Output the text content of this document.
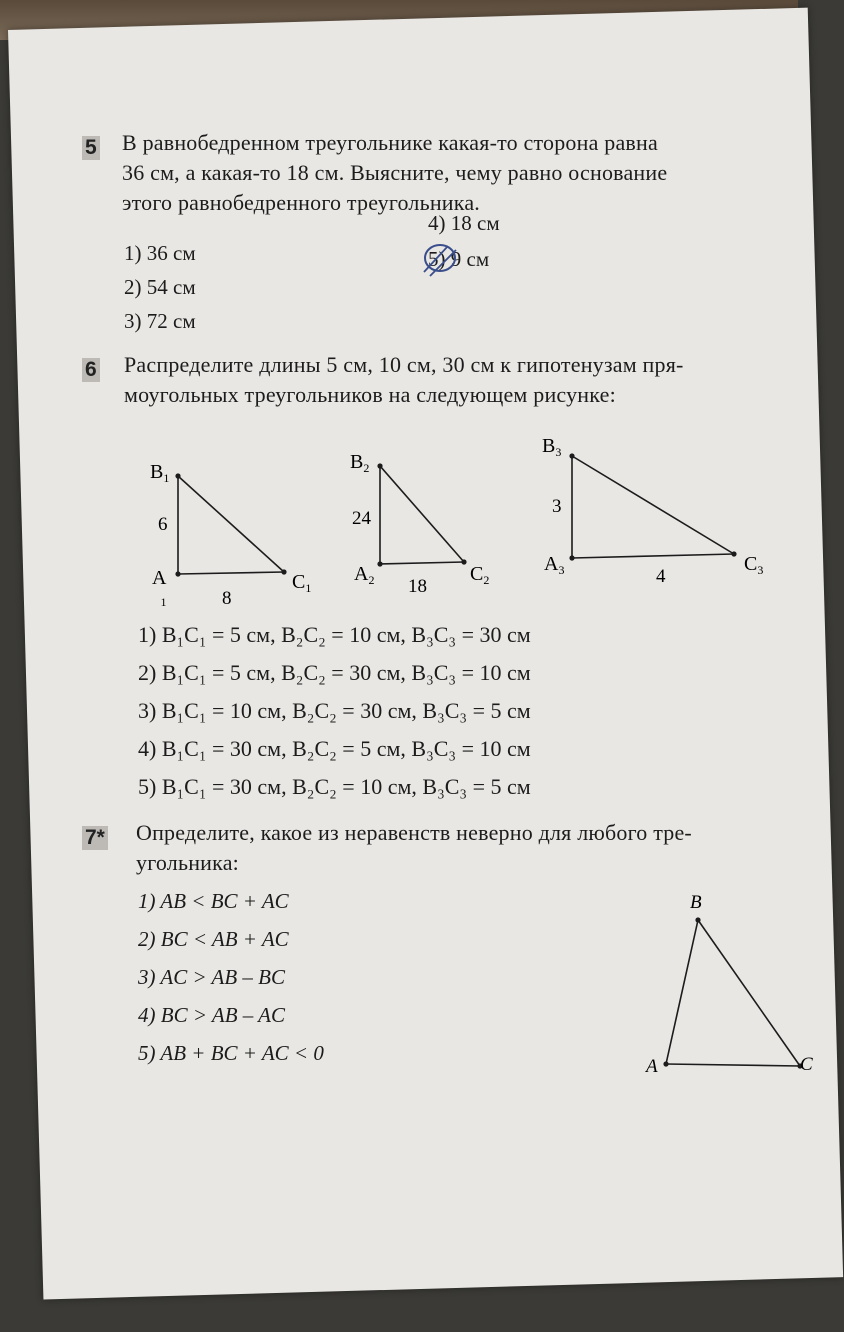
5 В равнобедренном треугольнике какая-то сторона равна
36 см, а какая-то 18 см. Выясните, чему равно основание
этого равнобедренного треугольника.
1) 36 см
2) 54 см
3) 72 см
4) 18 см
5) 9 см
6 Распределите длины 5 см, 10 см, 30 см к гипотенузам пря-
моугольных треугольников на следующем рисунке:
$B_1$
6
A 1	8
$C_1$
$B_2$
24
$A_2$ 18
$C_2$
$B_3$
3
$A_3$	4
$C_3$
1) B₁C₁ = 5 см, B₂C₂ = 10 см, B₃C₃ = 30 см
2) B₁C₁ = 5 см, B₂C₂ = 30 см, B₃C₃ = 10 см
3) B₁C₁ = 10 см, B₂C₂ = 30 см, B₃C₃ = 5 см
4) B₁C₁ = 30 см, B₂C₂ = 5 см, B₃C₃ = 10 см
5) B₁C₁ = 30 см, B₂C₂ = 10 см, B₃C₃ = 5 см
7* Определите, какое из неравенств неверно для любого тре-
угольника:
1) AB < BC + AC
2) BC < AB + AC
3) AC > AB – BC
4) BC > AB – AC
5) AB + BC + AC < 0
B
A	C
